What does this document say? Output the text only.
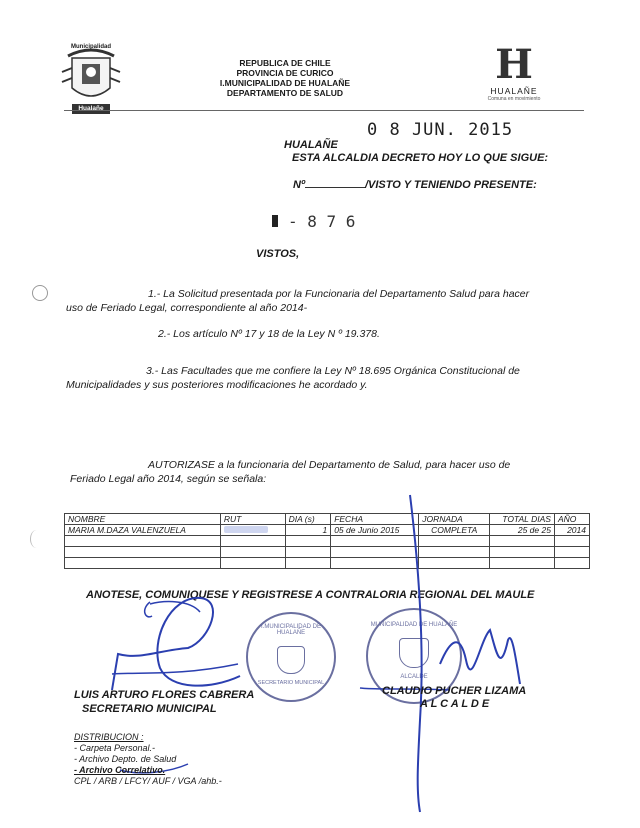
Municipalidad
Hualañe
REPUBLICA DE CHILE
PROVINCIA DE CURICO
I.MUNICIPALIDAD DE HUALAÑE
DEPARTAMENTO DE SALUD
H
HUALAÑE
Comuna en movimiento
0 8 JUN. 2015
HUALAÑE
ESTA ALCALDIA DECRETO HOY LO QUE SIGUE:
Nº	/VISTO Y TENIENDO PRESENTE:
- 8 7 6
VISTOS,
1.- La Solicitud presentada por la Funcionaria del Departamento Salud para hacer
uso de Feriado Legal, correspondiente al año 2014-
2.- Los artículo Nº 17 y 18 de la Ley N º 19.378.
3.- Las Facultades que me confiere la Ley Nº 18.695 Orgánica Constitucional de
Municipalidades y sus posteriores modificaciones he acordado y.
AUTORIZASE a la funcionaria del Departamento de Salud, para hacer uso de
Feriado Legal año 2014, según se señala:
NOMBRE	RUT	DIA (s)	FECHA	JORNADA	TOTAL DIAS	AÑO
MARIA M.DAZA VALENZUELA		1	05 de Junio 2015	COMPLETA	25 de 25	2014

ANOTESE, COMUNIQUESE Y REGISTRESE A CONTRALORIA REGIONAL DEL MAULE
I.MUNICIPALIDAD DE HUALAÑE
SECRETARIO MUNICIPAL
MUNICIPALIDAD DE HUALAÑE
ALCALDE
LUIS ARTURO FLORES CABRERA
SECRETARIO MUNICIPAL
CLAUDIO PUCHER LIZAMA
A L C A L D E
DISTRIBUCION :
- Carpeta Personal.-
- Archivo Depto. de Salud
- Archivo Correlativo.
CPL / ARB / LFCY/ AUF / VGA /ahb.-
